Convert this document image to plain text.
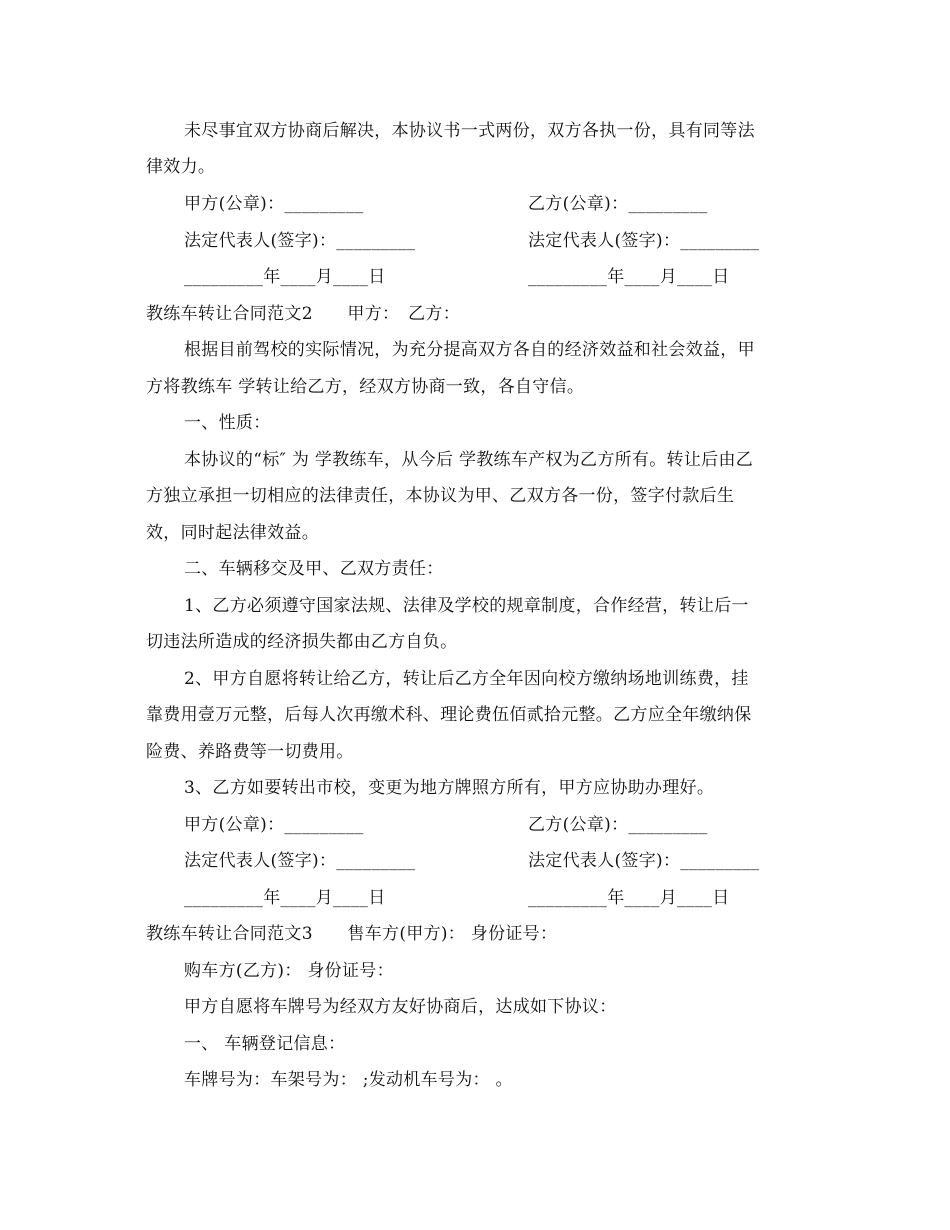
未尽事宜双方协商后解决，本协议书一式两份，双方各执一份，具有同等法
律效力。
甲方(公章)：_________	乙方(公章)：_________
法定代表人(签字)：_________	法定代表人(签字)：_________
_________年____月____日	_________年____月____日
教练车转让合同范文2　　甲方：　乙方：
根据目前驾校的实际情况，为充分提高双方各自的经济效益和社会效益，甲
方将教练车 学转让给乙方，经双方协商一致，各自守信。
一、性质：
本协议的“标″ 为 学教练车，从今后 学教练车产权为乙方所有。转让后由乙
方独立承担一切相应的法律责任，本协议为甲、乙双方各一份，签字付款后生
效，同时起法律效益。
二、车辆移交及甲、乙双方责任：
1、乙方必须遵守国家法规、法律及学校的规章制度，合作经营，转让后一
切违法所造成的经济损失都由乙方自负。
2、甲方自愿将转让给乙方，转让后乙方全年因向校方缴纳场地训练费，挂
靠费用壹万元整，后每人次再缴术科、理论费伍佰贰拾元整。乙方应全年缴纳保
险费、养路费等一切费用。
3、乙方如要转出市校，变更为地方牌照方所有，甲方应协助办理好。
甲方(公章)：_________	乙方(公章)：_________
法定代表人(签字)：_________	法定代表人(签字)：_________
_________年____月____日	_________年____月____日
教练车转让合同范文3　　售车方(甲方)： 身份证号：
购车方(乙方)： 身份证号：
甲方自愿将车牌号为经双方友好协商后，达成如下协议：
一、 车辆登记信息：
车牌号为：车架号为： ;发动机车号为： 。
